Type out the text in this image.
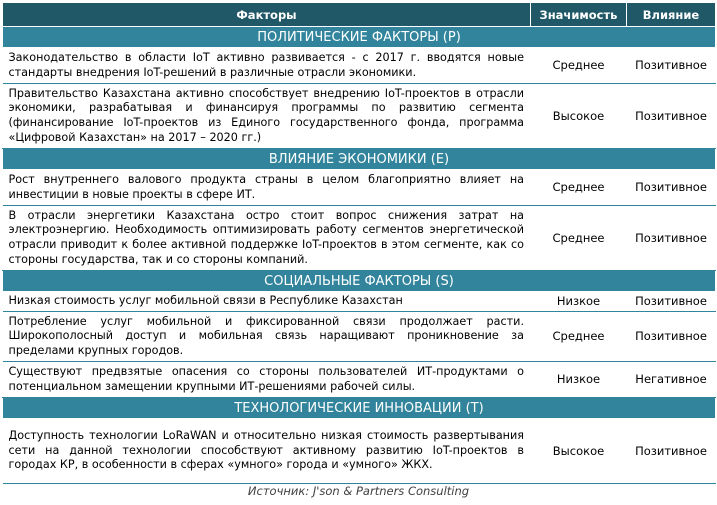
Факторы	Значимость	Влияние
ПОЛИТИЧЕСКИЕ ФАКТОРЫ (P)		
Законодательство в области IoT активно развивается - с 2017 г. вводятся новые стандарты внедрения IoT-решений в различные отрасли экономики.	Среднее	Позитивное
Правительство Казахстана активно способствует внедрению IoT-проектов в отрасли экономики, разрабатывая и финансируя программы по развитию сегмента (финансирование IoT-проектов из Единого государственного фонда, программа «Цифровой Казахстан» на 2017 – 2020 гг.)	Высокое	Позитивное
ВЛИЯНИЕ ЭКОНОМИКИ (E)		
Рост внутреннего валового продукта страны в целом благоприятно влияет на инвестиции в новые проекты в сфере ИТ.	Среднее	Позитивное
В отрасли энергетики Казахстана остро стоит вопрос снижения затрат на электроэнергию. Необходимость оптимизировать работу сегментов энергетической отрасли приводит к более активной поддержке IoT-проектов в этом сегменте, как со стороны государства, так и со стороны компаний.	Среднее	Позитивное
СОЦИАЛЬНЫЕ ФАКТОРЫ (S)		
Низкая стоимость услуг мобильной связи в Республике Казахстан	Низкое	Позитивное
Потребление услуг мобильной и фиксированной связи продолжает расти. Широкополосный доступ и мобильная связь наращивают проникновение за пределами крупных городов.	Среднее	Позитивное
Существуют предвзятые опасения со стороны пользователей ИТ-продуктами о потенциальном замещении крупными ИТ-решениями рабочей силы.	Низкое	Негативное
ТЕХНОЛОГИЧЕСКИЕ ИННОВАЦИИ (T)		
Доступность технологии LoRaWAN и относительно низкая стоимость развертывания сети на данной технологии способствуют активному развитию IoT-проектов в городах КР, в особенности в сферах «умного» города и «умного» ЖКХ.	Высокое	Позитивное
Источник: J'son & Partners Consulting
